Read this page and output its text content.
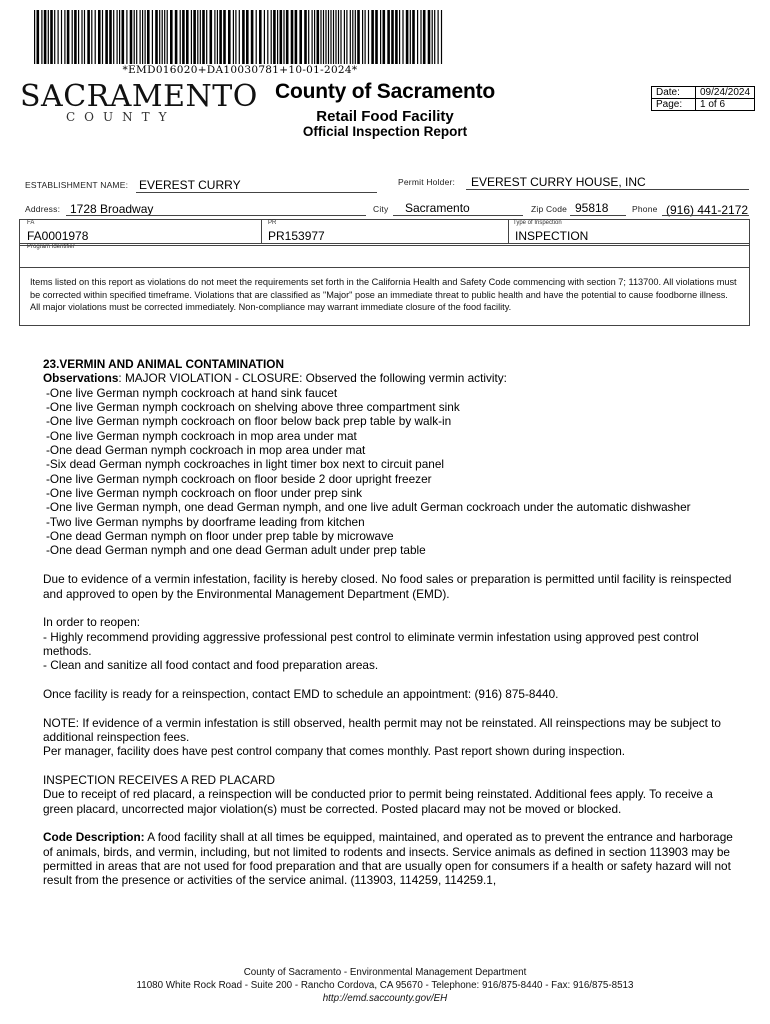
*EMD016020+DA10030781+10-01-2024*
SACRAMENTO
COUNTY
County of Sacramento
Retail Food Facility
Official Inspection Report
Date:	09/24/2024
Page:	1 of 6
ESTABLISHMENT NAME: EVEREST CURRY	Permit Holder: EVEREST CURRY HOUSE, INC
Address: 1728 Broadway	City Sacramento	Zip Code 95818	Phone (916) 441-2172
FA
FA0001978
PR
PR153977
Type of Inspection
INSPECTION
Program Identifier
Items listed on this report as violations do not meet the requirements set forth in the California Health and Safety Code commencing with section 7; 113700. All violations must be corrected within specified timeframe. Violations that are classified as "Major" pose an immediate threat to public health and have the potential to cause foodborne illness. All major violations must be corrected immediately. Non-compliance may warrant immediate closure of the food facility.

23.VERMIN AND ANIMAL CONTAMINATION

Observations: MAJOR VIOLATION - CLOSURE: Observed the following vermin activity:

-One live German nymph cockroach at hand sink faucet
-One live German nymph cockroach on shelving above three compartment sink
-One live German nymph cockroach on floor below back prep table by walk-in
-One live German nymph cockroach in mop area under mat
-One dead German nymph cockroach in mop area under mat
-Six dead German nymph cockroaches in light timer box next to circuit panel
-One live German nymph cockroach on floor beside 2 door upright freezer
-One live German nymph cockroach on floor under prep sink
-One live German nymph, one dead German nymph, and one live adult German cockroach under the automatic dishwasher
-Two live German nymphs by doorframe leading from kitchen
-One dead German nymph on floor under prep table by microwave
-One dead German nymph and one dead German adult under prep table

Due to evidence of a vermin infestation, facility is hereby closed. No food sales or preparation is permitted until facility is reinspected and approved to open by the Environmental Management Department (EMD).

In order to reopen:

- Highly recommend providing aggressive professional pest control to eliminate vermin infestation using approved pest control methods.

- Clean and sanitize all food contact and food preparation areas.

Once facility is ready for a reinspection, contact EMD to schedule an appointment: (916) 875-8440.

NOTE: If evidence of a vermin infestation is still observed, health permit may not be reinstated. All reinspections may be subject to additional reinspection fees.

Per manager, facility does have pest control company that comes monthly. Past report shown during inspection.

INSPECTION RECEIVES A RED PLACARD

Due to receipt of red placard, a reinspection will be conducted prior to permit being reinstated. Additional fees apply. To receive a green placard, uncorrected major violation(s) must be corrected. Posted placard may not be moved or blocked.

Code Description: A food facility shall at all times be equipped, maintained, and operated as to prevent the entrance and harborage of animals, birds, and vermin, including, but not limited to rodents and insects. Service animals as defined in section 113903 may be permitted in areas that are not used for food preparation and that are usually open for consumers if a health or safety hazard will not result from the presence or activities of the service animal. (113903, 114259, 114259.1,

County of Sacramento - Environmental Management Department
11080 White Rock Road - Suite 200 - Rancho Cordova, CA 95670 - Telephone: 916/875-8440 - Fax: 916/875-8513
http://emd.saccounty.gov/EH
